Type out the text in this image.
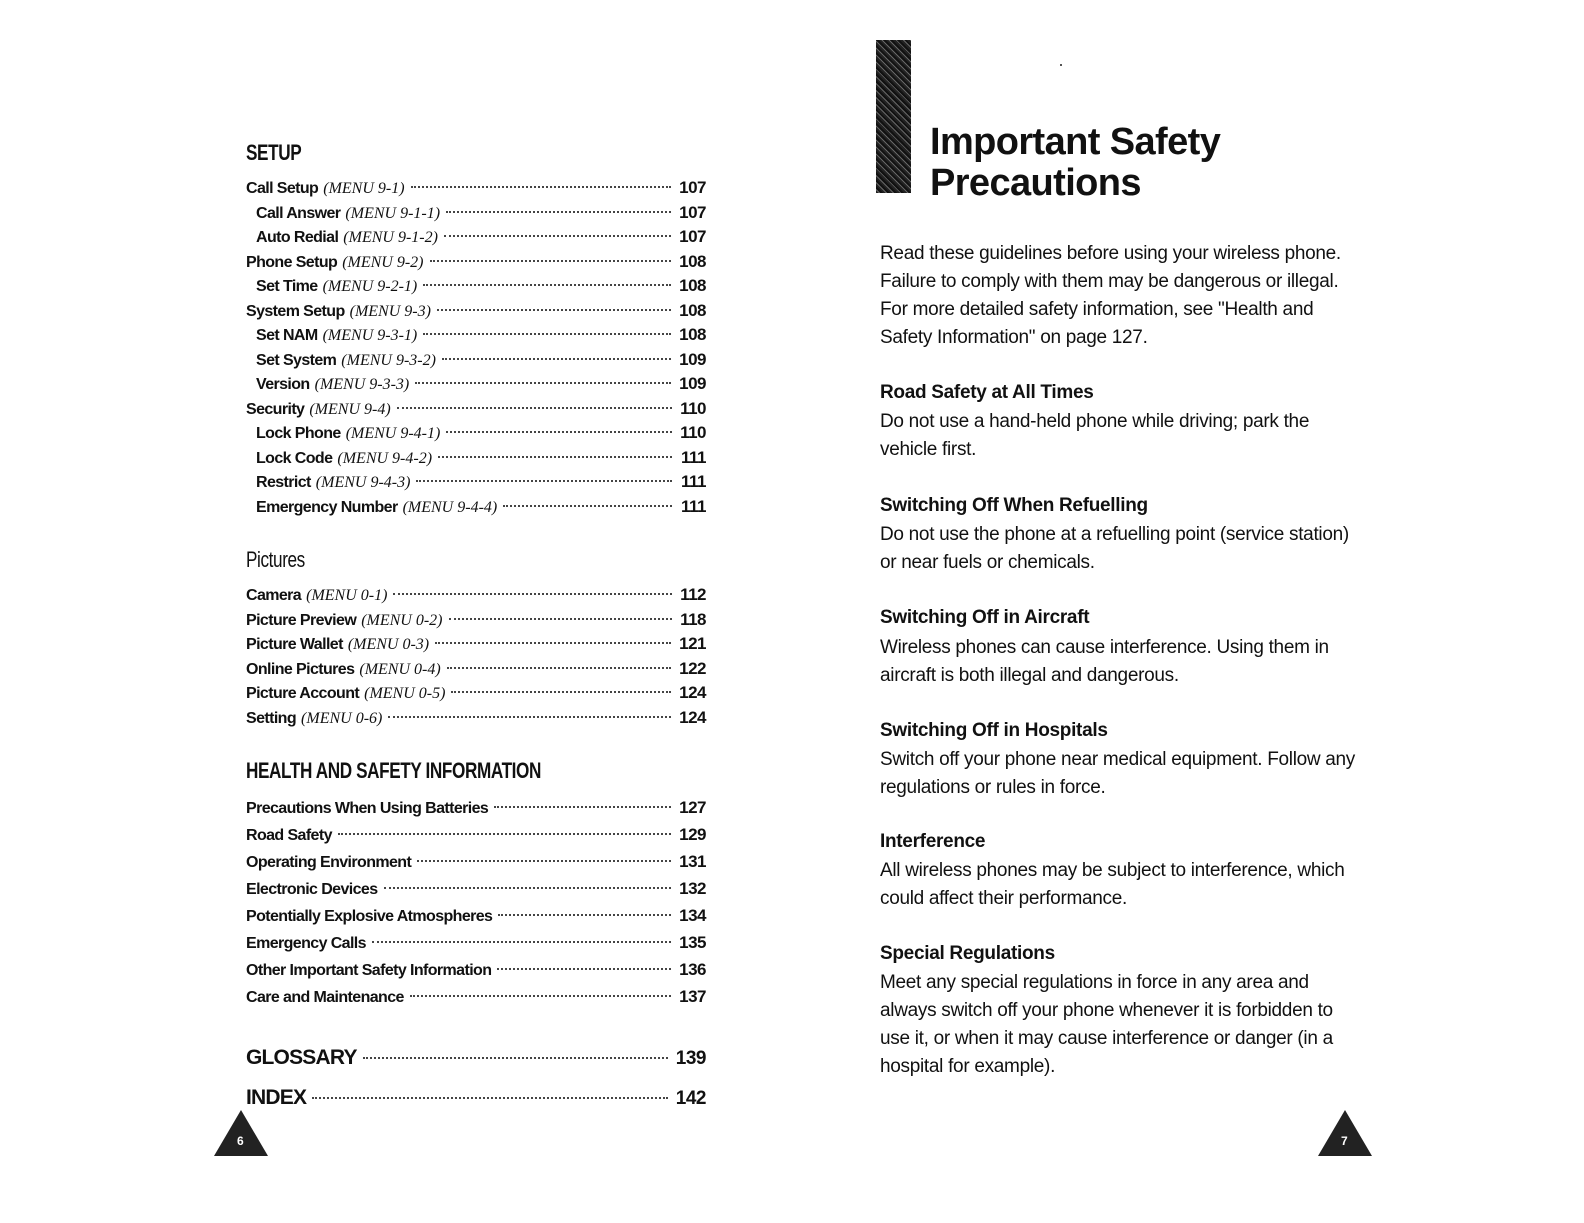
SETUP
Call Setup (MENU 9-1)	107
Call Answer (MENU 9-1-1)	107
Auto Redial (MENU 9-1-2)	107
Phone Setup (MENU 9-2)	108
Set Time (MENU 9-2-1)	108
System Setup (MENU 9-3)	108
Set NAM (MENU 9-3-1)	108
Set System (MENU 9-3-2)	109
Version (MENU 9-3-3)	109
Security (MENU 9-4)	110
Lock Phone (MENU 9-4-1)	110
Lock Code (MENU 9-4-2)	111
Restrict (MENU 9-4-3)	111
Emergency Number (MENU 9-4-4)	111
Pictures
Camera (MENU 0-1)	112
Picture Preview (MENU 0-2)	118
Picture Wallet (MENU 0-3)	121
Online Pictures (MENU 0-4)	122
Picture Account (MENU 0-5)	124
Setting (MENU 0-6)	124
HEALTH AND SAFETY INFORMATION
Precautions When Using Batteries	127
Road Safety	129
Operating Environment	131
Electronic Devices	132
Potentially Explosive Atmospheres	134
Emergency Calls	135
Other Important Safety Information	136
Care and Maintenance	137
GLOSSARY	139
INDEX	142
6
Important Safety
Precautions

Read these guidelines before using your wireless phone. Failure to comply with them may be dangerous or illegal. For more detailed safety information, see "Health and Safety Information" on page 127.

Road Safety at All Times

Do not use a hand-held phone while driving; park the vehicle first.

Switching Off When Refuelling

Do not use the phone at a refuelling point (service station) or near fuels or chemicals.

Switching Off in Aircraft

Wireless phones can cause interference. Using them in aircraft is both illegal and dangerous.

Switching Off in Hospitals

Switch off your phone near medical equipment. Follow any regulations or rules in force.

Interference

All wireless phones may be subject to interference, which could affect their performance.

Special Regulations

Meet any special regulations in force in any area and always switch off your phone whenever it is forbidden to use it, or when it may cause interference or danger (in a hospital for example).

7
